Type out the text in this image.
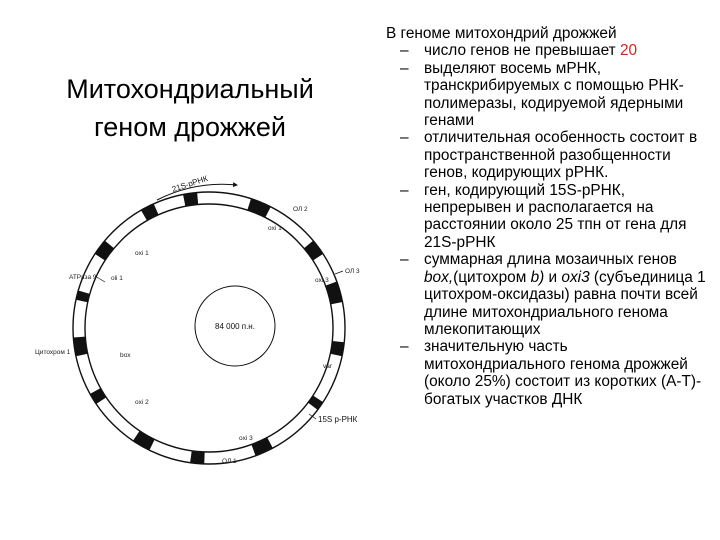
Митохондриальный
геном дрожжей
84 000 п.н.
21S-рРНК
ОЛ 2
oxi 1
ОЛ 3
oxi 3
oxi 1
оli 1
АТРаза 9
Цитохром 1	box
var
oxi 2
15S р-РНК
oxi 3
ОЛ 1
В геноме митохондрий дрожжей
– число генов не превышает 20
– выделяют восемь мРНК, транскрибируемых с помощью РНК-полимеразы, кодируемой ядерными генами
– отличительная особенность состоит в пространственной разобщенности генов, кодирующих рРНК.
– ген, кодирующий 15S-рРНК, непрерывен и располагается на расстоянии около 25 тпн от гена для 21S-рРНК
– суммарная длина мозаичных генов box,(цитохром b) и oxi3 (субъединица 1 цитохром-оксидазы) равна почти всей длине митохондриального генома млекопитающих
– значительную часть митохондриального генома дрожжей (около 25%) состоит из коротких (А-Т)-богатых участков ДНК
